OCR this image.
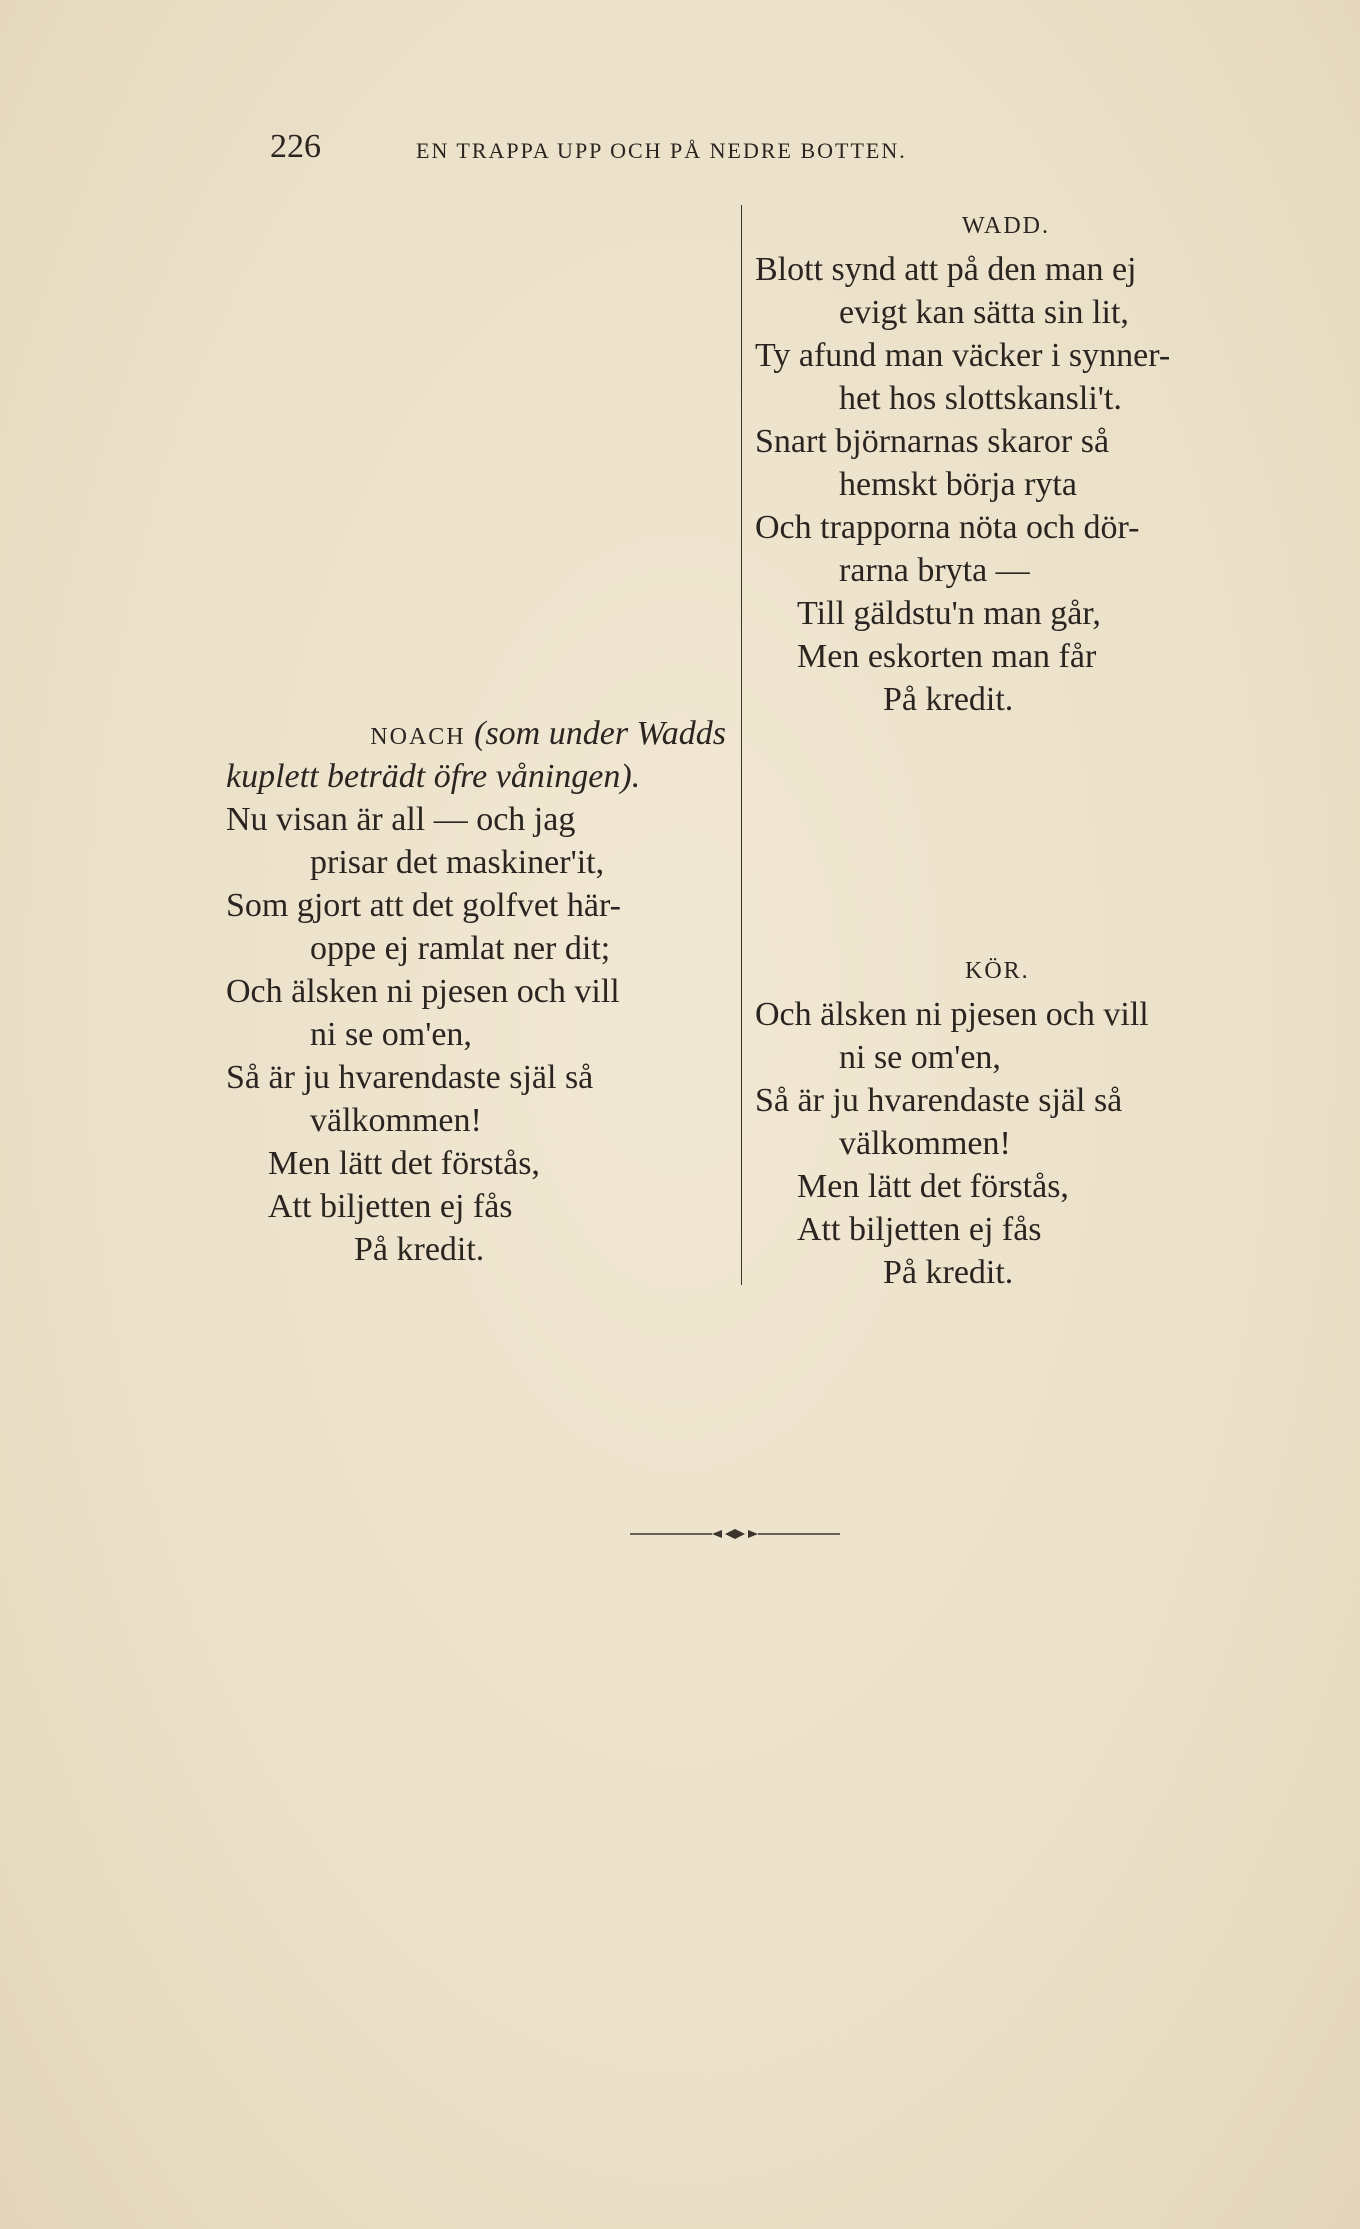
226	EN TRAPPA UPP OCH PÅ NEDRE BOTTEN.
NOACH (som under Wadds
kuplett beträdt öfre våningen).
Nu visan är all — och jag
prisar det maskiner'it,
Som gjort att det golfvet här-
oppe ej ramlat ner dit;
Och älsken ni pjesen och vill
ni se om'en,
Så är ju hvarendaste själ så
välkommen!
Men lätt det förstås,
Att biljetten ej fås
På kredit.
WADD.
Blott synd att på den man ej
evigt kan sätta sin lit,
Ty afund man väcker i synner-
het hos slottskansli't.
Snart björnarnas skaror så
hemskt börja ryta
Och trapporna nöta och dör-
rarna bryta —
Till gäldstu'n man går,
Men eskorten man får
På kredit.
KÖR.
Och älsken ni pjesen och vill
ni se om'en,
Så är ju hvarendaste själ så
välkommen!
Men lätt det förstås,
Att biljetten ej fås
På kredit.
